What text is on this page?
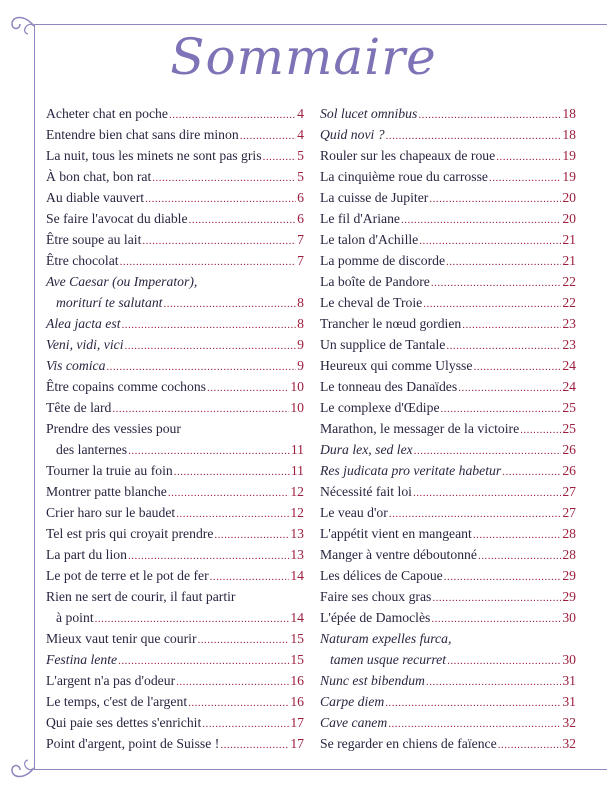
Sommaire
Acheter chat en poche .....	4
Entendre bien chat sans dire minon .....	4
La nuit, tous les minets ne sont pas gris .....	5
À bon chat, bon rat .....	5
Au diable vauvert .....	6
Se faire l'avocat du diable .....	6
Être soupe au lait .....	7
Être chocolat .....	7
Ave Caesar (ou Imperator),
moriturí te salutant .....	8
Alea jacta est .....	8
Veni, vidi, vici .....	9
Vis comica .....	9
Être copains comme cochons .....	10
Tête de lard .....	10
Prendre des vessies pour
des lanternes .....	11
Tourner la truie au foin .....	11
Montrer patte blanche .....	12
Crier haro sur le baudet .....	12
Tel est pris qui croyait prendre .....	13
La part du lion .....	13
Le pot de terre et le pot de fer .....	14
Rien ne sert de courir, il faut partir
à point .....	14
Mieux vaut tenir que courir .....	15
Festina lente .....	15
L'argent n'a pas d'odeur .....	16
Le temps, c'est de l'argent .....	16
Qui paie ses dettes s'enrichit .....	17
Point d'argent, point de Suisse ! .....	17
Sol lucet omnibus .....	18
Quid novi ? .....	18
Rouler sur les chapeaux de roue .....	19
La cinquième roue du carrosse .....	19
La cuisse de Jupiter .....	20
Le fil d'Ariane .....	20
Le talon d'Achille .....	21
La pomme de discorde .....	21
La boîte de Pandore .....	22
Le cheval de Troie .....	22
Trancher le nœud gordien .....	23
Un supplice de Tantale .....	23
Heureux qui comme Ulysse .....	24
Le tonneau des Danaïdes .....	24
Le complexe d'Œdipe .....	25
Marathon, le messager de la victoire .....	25
Dura lex, sed lex .....	26
Res judicata pro veritate habetur .....	26
Nécessité fait loi .....	27
Le veau d'or .....	27
L'appétit vient en mangeant .....	28
Manger à ventre déboutonné .....	28
Les délices de Capoue .....	29
Faire ses choux gras .....	29
L'épée de Damoclès .....	30
Naturam expelles furca,
tamen usque recurret .....	30
Nunc est bibendum .....	31
Carpe diem .....	31
Cave canem .....	32
Se regarder en chiens de faïence .....	32
